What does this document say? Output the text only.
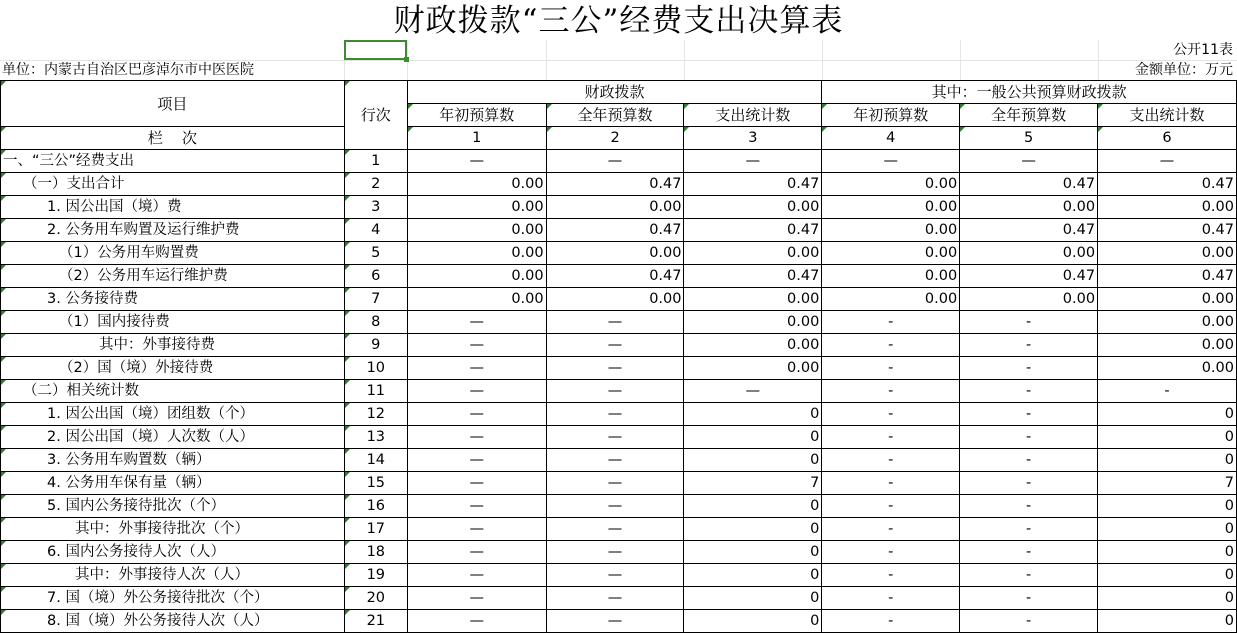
财政拨款“三公”经费支出决算表
公开11表
单位：内蒙古自治区巴彦淖尔市中医医院	金额单位：万元
项目	行次	财政拨款			其中：一般公共预算财政拨款		
		年初预算数	全年预算数	支出统计数	年初预算数	全年预算数	支出统计数
栏    次		1	2	3	4	5	6
一、“三公”经费支出	1	—	—	—	—	—	—
（一）支出合计	2	0.00	0.47	0.47	0.00	0.47	0.47
1. 因公出国（境）费	3	0.00	0.00	0.00	0.00	0.00	0.00
2. 公务用车购置及运行维护费	4	0.00	0.47	0.47	0.00	0.47	0.47
（1）公务用车购置费	5	0.00	0.00	0.00	0.00	0.00	0.00
（2）公务用车运行维护费	6	0.00	0.47	0.47	0.00	0.47	0.47
3. 公务接待费	7	0.00	0.00	0.00	0.00	0.00	0.00
（1）国内接待费	8	—	—	0.00	-	-	0.00
其中：外事接待费	9	—	—	0.00	-	-	0.00
（2）国（境）外接待费	10	—	—	0.00	-	-	0.00
（二）相关统计数	11	—	—	—	-	-	-
1. 因公出国（境）团组数（个）	12	—	—	0	-	-	0
2. 因公出国（境）人次数（人）	13	—	—	0	-	-	0
3. 公务用车购置数（辆）	14	—	—	0	-	-	0
4. 公务用车保有量（辆）	15	—	—	7	-	-	7
5. 国内公务接待批次（个）	16	—	—	0	-	-	0
其中：外事接待批次（个）	17	—	—	0	-	-	0
6. 国内公务接待人次（人）	18	—	—	0	-	-	0
其中：外事接待人次（人）	19	—	—	0	-	-	0
7. 国（境）外公务接待批次（个）	20	—	—	0	-	-	0
8. 国（境）外公务接待人次（人）	21	—	—	0	-	-	0
